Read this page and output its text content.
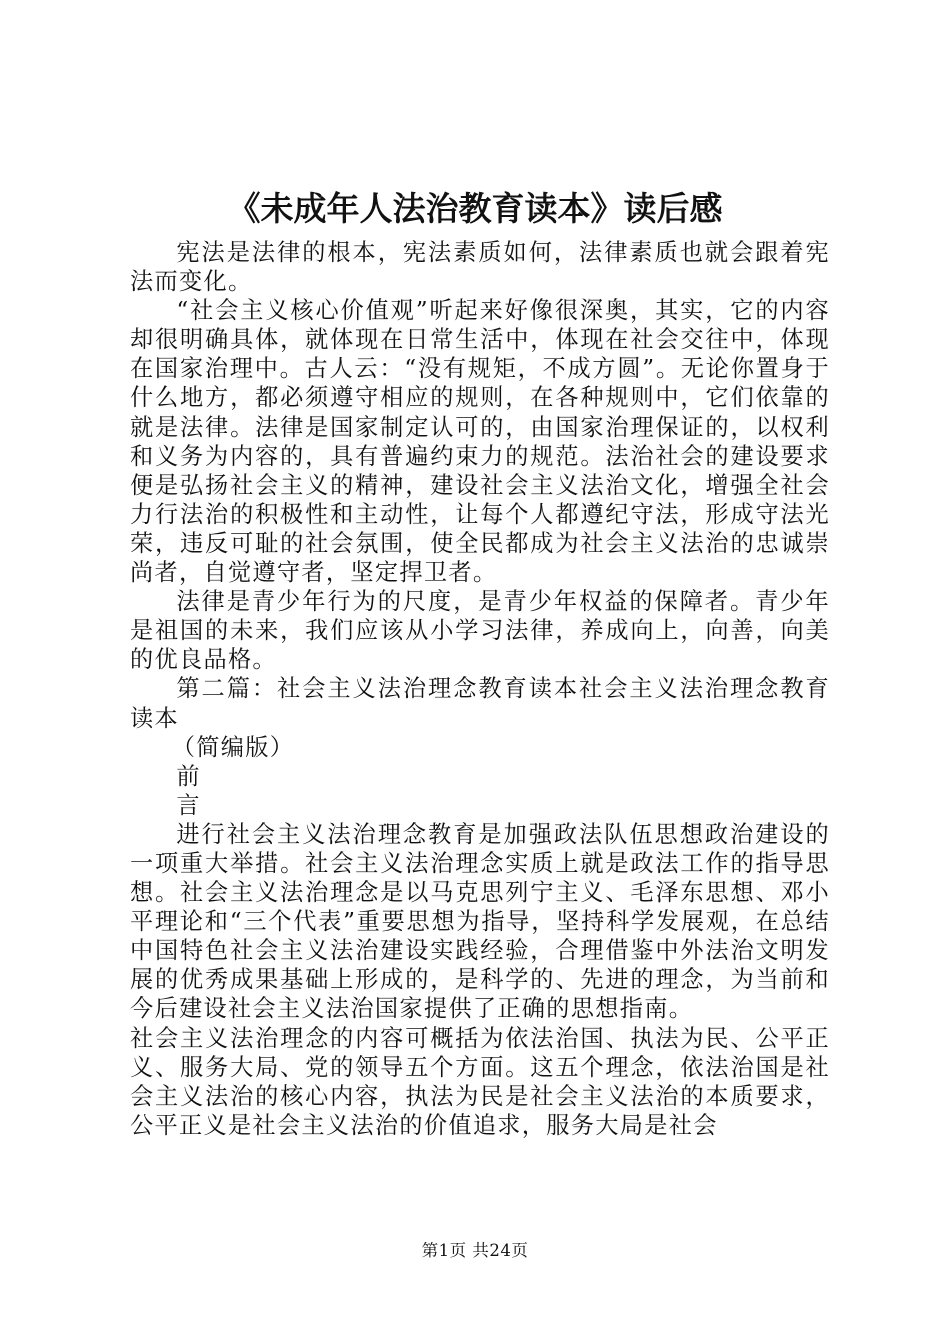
《未成年人法治教育读本》读后感

宪法是法律的根本，宪法素质如何，法律素质也就会跟着宪法而变化。

“社会主义核心价值观”听起来好像很深奥，其实，它的内容却很明确具体，就体现在日常生活中，体现在社会交往中，体现在国家治理中。古人云：“没有规矩，不成方圆”。无论你置身于什么地方，都必须遵守相应的规则，在各种规则中，它们依靠的就是法律。法律是国家制定认可的，由国家治理保证的，以权利和义务为内容的，具有普遍约束力的规范。法治社会的建设要求便是弘扬社会主义的精神，建设社会主义法治文化，增强全社会力行法治的积极性和主动性，让每个人都遵纪守法，形成守法光荣，违反可耻的社会氛围，使全民都成为社会主义法治的忠诚崇尚者，自觉遵守者，坚定捍卫者。

法律是青少年行为的尺度，是青少年权益的保障者。青少年是祖国的未来，我们应该从小学习法律，养成向上，向善，向美的优良品格。

第二篇：社会主义法治理念教育读本社会主义法治理念教育读本

（简编版）

前

言

进行社会主义法治理念教育是加强政法队伍思想政治建设的一项重大举措。社会主义法治理念实质上就是政法工作的指导思想。社会主义法治理念是以马克思列宁主义、毛泽东思想、邓小平理论和“三个代表”重要思想为指导，坚持科学发展观，在总结中国特色社会主义法治建设实践经验，合理借鉴中外法治文明发展的优秀成果基础上形成的，是科学的、先进的理念，为当前和今后建设社会主义法治国家提供了正确的思想指南。

社会主义法治理念的内容可概括为依法治国、执法为民、公平正义、服务大局、党的领导五个方面。这五个理念，依法治国是社会主义法治的核心内容，执法为民是社会主义法治的本质要求，公平正义是社会主义法治的价值追求，服务大局是社会

第1页 共24页
